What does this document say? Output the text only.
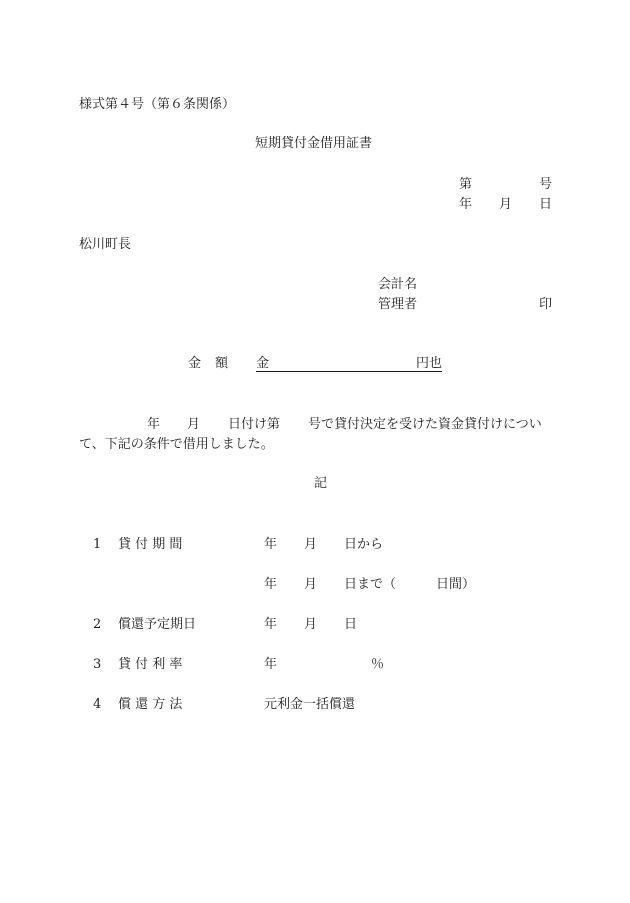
様式第４号（第６条関係）
短期貸付金借用証書
第	号
年 月 日
松川町長
会計名
管理者	印
金 額 金	円也
年 月 日付け第 号で貸付決定を受けた資金貸付けについ
て、下記の条件で借用しました。
記
1 貸 付 期 間	年 月 日から
年 月 日まで（	日間）
2 償還予定期日	年 月 日
3 貸 付 利 率	年	％
4 償 還 方 法	元利金一括償還
